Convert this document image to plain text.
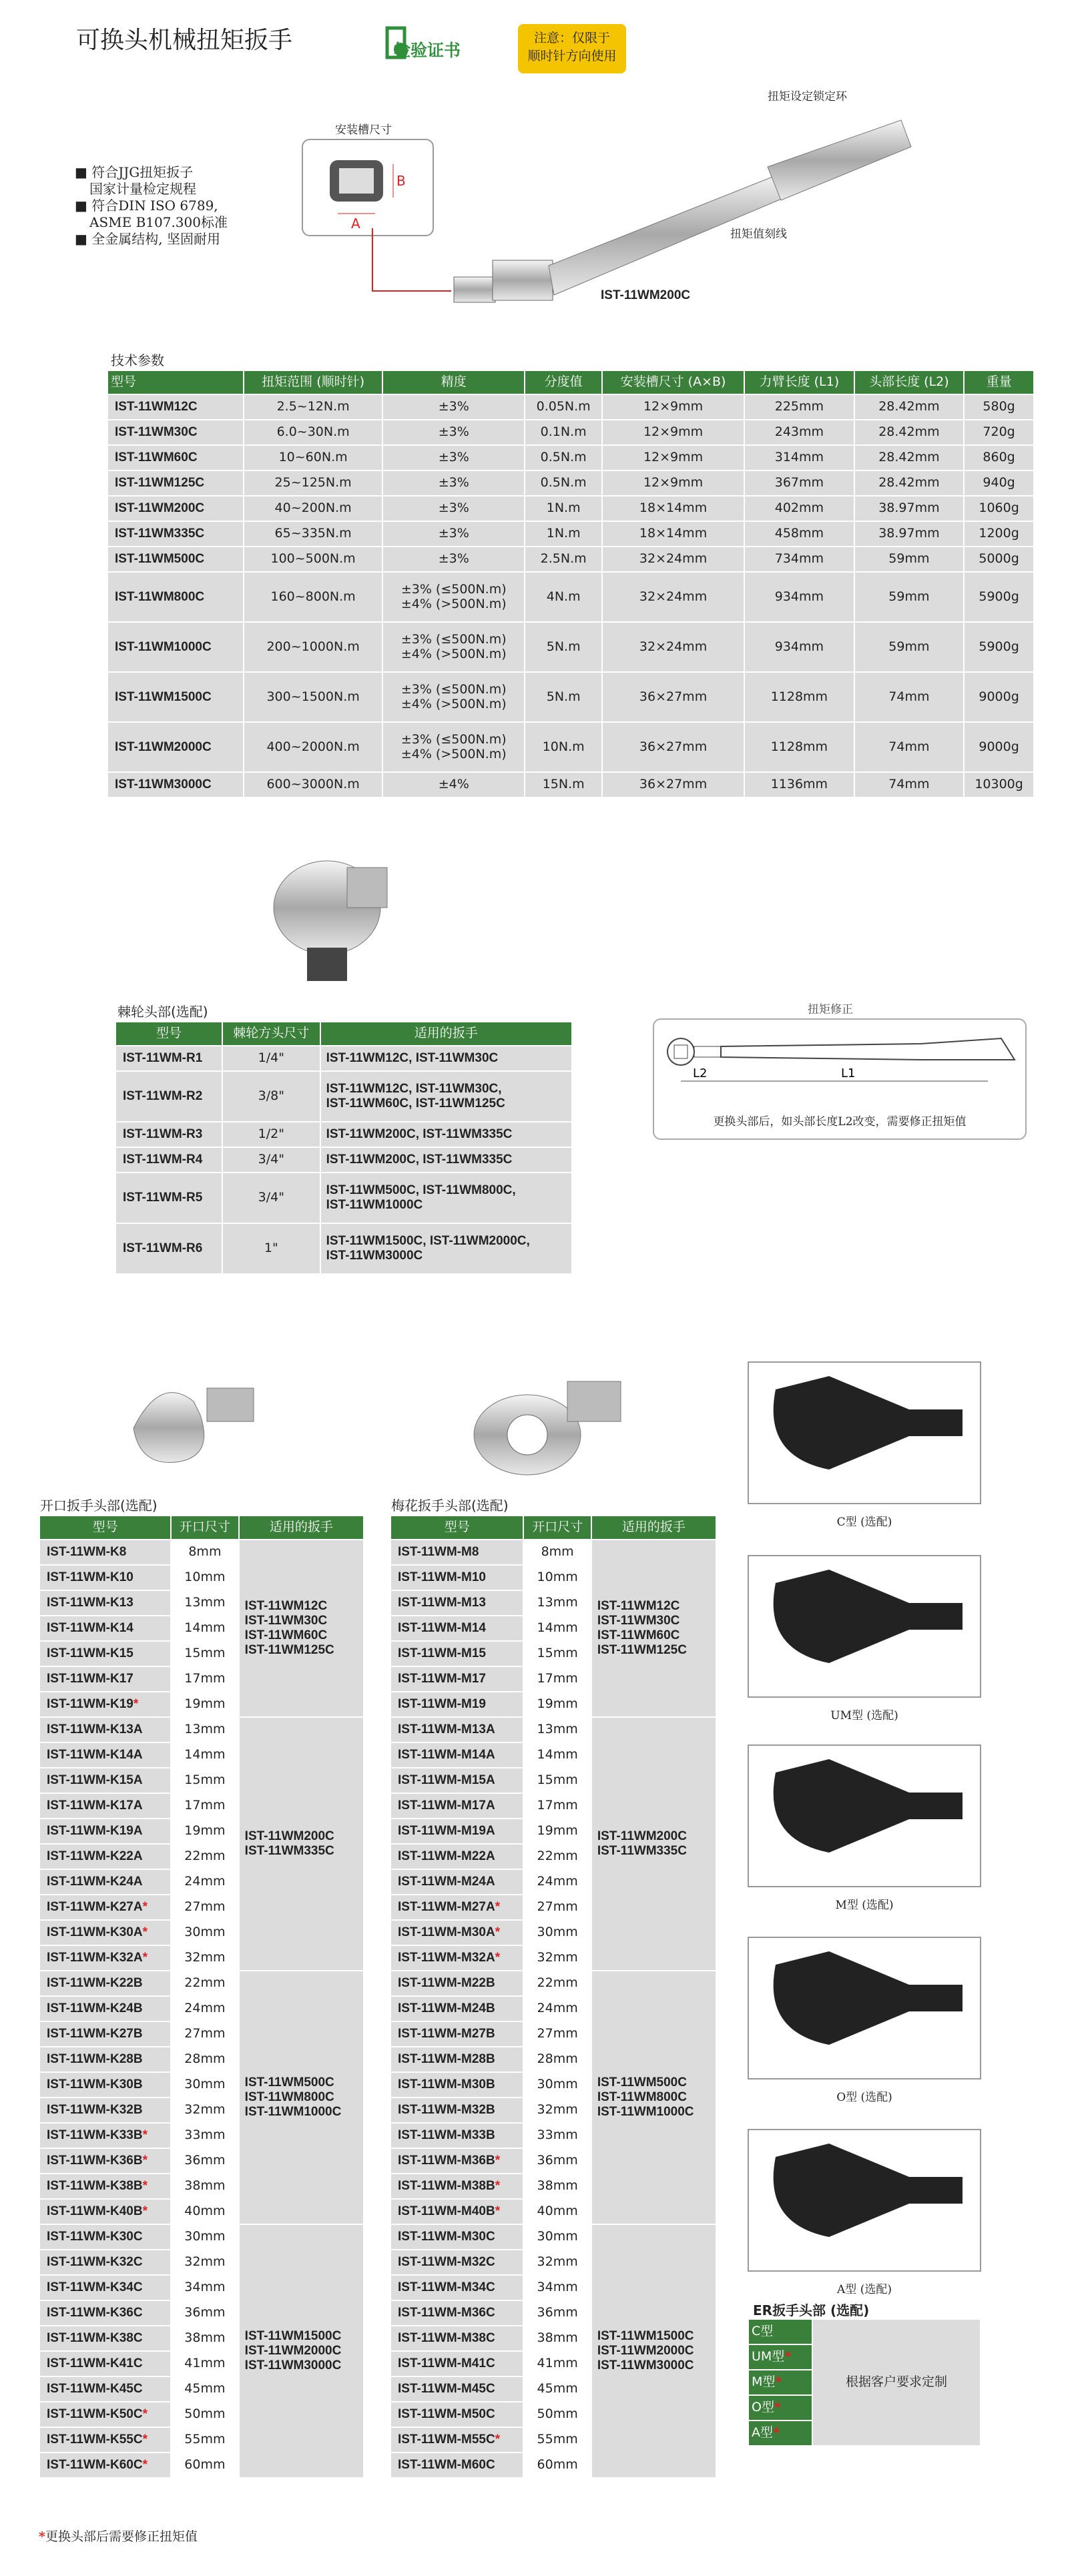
可换头机械扭矩扳手	检验证书
注意：仅限于
顺时针方向使用
■ 符合JJG扭矩扳子
国家计量检定规程
■ 符合DIN ISO 6789,
ASME B107.300标准
■ 全金属结构, 坚固耐用
安装槽尺寸
B
A
扭矩设定锁定环
扭矩值刻线
IST-11WM200C
技术参数
型号	扭矩范围 (顺时针)	精度	分度值	安装槽尺寸 (A×B)	力臂长度 (L1)	头部长度 (L2)	重量
IST-11WM12C	2.5~12N.m	±3%	0.05N.m	12×9mm	225mm	28.42mm	580g
IST-11WM30C	6.0~30N.m	±3%	0.1N.m	12×9mm	243mm	28.42mm	720g
IST-11WM60C	10~60N.m	±3%	0.5N.m	12×9mm	314mm	28.42mm	860g
IST-11WM125C	25~125N.m	±3%	0.5N.m	12×9mm	367mm	28.42mm	940g
IST-11WM200C	40~200N.m	±3%	1N.m	18×14mm	402mm	38.97mm	1060g
IST-11WM335C	65~335N.m	±3%	1N.m	18×14mm	458mm	38.97mm	1200g
IST-11WM500C	100~500N.m	±3%	2.5N.m	32×24mm	734mm	59mm	5000g
IST-11WM800C	160~800N.m	±3% (≤500N.m)
±4% (>500N.m)	4N.m	32×24mm	934mm	59mm	5900g
IST-11WM1000C	200~1000N.m	±3% (≤500N.m)
±4% (>500N.m)	5N.m	32×24mm	934mm	59mm	5900g
IST-11WM1500C	300~1500N.m	±3% (≤500N.m)
±4% (>500N.m)	5N.m	36×27mm	1128mm	74mm	9000g
IST-11WM2000C	400~2000N.m	±3% (≤500N.m)
±4% (>500N.m)	10N.m	36×27mm	1128mm	74mm	9000g
IST-11WM3000C	600~3000N.m	±4%	15N.m	36×27mm	1136mm	74mm	10300g
棘轮头部(选配)
型号	棘轮方头尺寸	适用的扳手
IST-11WM-R1	1/4"	IST-11WM12C, IST-11WM30C

IST-11WM-R2	3/8"	IST-11WM12C, IST-11WM30C,
IST-11WM60C, IST-11WM125C

IST-11WM-R3	1/2"	IST-11WM200C, IST-11WM335C

IST-11WM-R4	3/4"	IST-11WM200C, IST-11WM335C

IST-11WM-R5	3/4"	IST-11WM500C, IST-11WM800C,
IST-11WM1000C

IST-11WM-R6	1"	IST-11WM1500C, IST-11WM2000C,
IST-11WM3000C
扭矩修正
L2	L1
更换头部后，如头部长度L2改变，需要修正扭矩值
开口扳手头部(选配)
型号	开口尺寸	适用的扳手
IST-11WM-K8	8mm	IST-11WM12C
IST-11WM30C
IST-11WM60C
IST-11WM125C

IST-11WM-K10	10mm	
IST-11WM-K13	13mm	
IST-11WM-K14	14mm	
IST-11WM-K15	15mm	
IST-11WM-K17	17mm	
IST-11WM-K19*	19mm	
IST-11WM-K13A	13mm	IST-11WM200C
IST-11WM335C

IST-11WM-K14A	14mm	
IST-11WM-K15A	15mm	
IST-11WM-K17A	17mm	
IST-11WM-K19A	19mm	
IST-11WM-K22A	22mm	
IST-11WM-K24A	24mm	
IST-11WM-K27A*	27mm	
IST-11WM-K30A*	30mm	
IST-11WM-K32A*	32mm	
IST-11WM-K22B	22mm	IST-11WM500C
IST-11WM800C
IST-11WM1000C

IST-11WM-K24B	24mm	
IST-11WM-K27B	27mm	
IST-11WM-K28B	28mm	
IST-11WM-K30B	30mm	
IST-11WM-K32B	32mm	
IST-11WM-K33B*	33mm	
IST-11WM-K36B*	36mm	
IST-11WM-K38B*	38mm	
IST-11WM-K40B*	40mm	
IST-11WM-K30C	30mm	IST-11WM1500C
IST-11WM2000C
IST-11WM3000C

IST-11WM-K32C	32mm	
IST-11WM-K34C	34mm	
IST-11WM-K36C	36mm	
IST-11WM-K38C	38mm	
IST-11WM-K41C	41mm	
IST-11WM-K45C	45mm	
IST-11WM-K50C*	50mm	
IST-11WM-K55C*	55mm	
IST-11WM-K60C*	60mm	
梅花扳手头部(选配)
型号	开口尺寸	适用的扳手
IST-11WM-M8	8mm	IST-11WM12C
IST-11WM30C
IST-11WM60C
IST-11WM125C

IST-11WM-M10	10mm	
IST-11WM-M13	13mm	
IST-11WM-M14	14mm	
IST-11WM-M15	15mm	
IST-11WM-M17	17mm	
IST-11WM-M19	19mm	
IST-11WM-M13A	13mm	IST-11WM200C
IST-11WM335C

IST-11WM-M14A	14mm	
IST-11WM-M15A	15mm	
IST-11WM-M17A	17mm	
IST-11WM-M19A	19mm	
IST-11WM-M22A	22mm	
IST-11WM-M24A	24mm	
IST-11WM-M27A*	27mm	
IST-11WM-M30A*	30mm	
IST-11WM-M32A*	32mm	
IST-11WM-M22B	22mm	IST-11WM500C
IST-11WM800C
IST-11WM1000C

IST-11WM-M24B	24mm	
IST-11WM-M27B	27mm	
IST-11WM-M28B	28mm	
IST-11WM-M30B	30mm	
IST-11WM-M32B	32mm	
IST-11WM-M33B	33mm	
IST-11WM-M36B*	36mm	
IST-11WM-M38B*	38mm	
IST-11WM-M40B*	40mm	
IST-11WM-M30C	30mm	IST-11WM1500C
IST-11WM2000C
IST-11WM3000C

IST-11WM-M32C	32mm	
IST-11WM-M34C	34mm	
IST-11WM-M36C	36mm	
IST-11WM-M38C	38mm	
IST-11WM-M41C	41mm	
IST-11WM-M45C	45mm	
IST-11WM-M50C	50mm	
IST-11WM-M55C*	55mm	
IST-11WM-M60C	60mm	
C型 (选配)
UM型 (选配)
M型 (选配)
O型 (选配)
A型 (选配)
ER扳手头部 (选配)
C型	根据客户要求定制
UM型*
M型*
O型*
A型*
*更换头部后需要修正扭矩值
